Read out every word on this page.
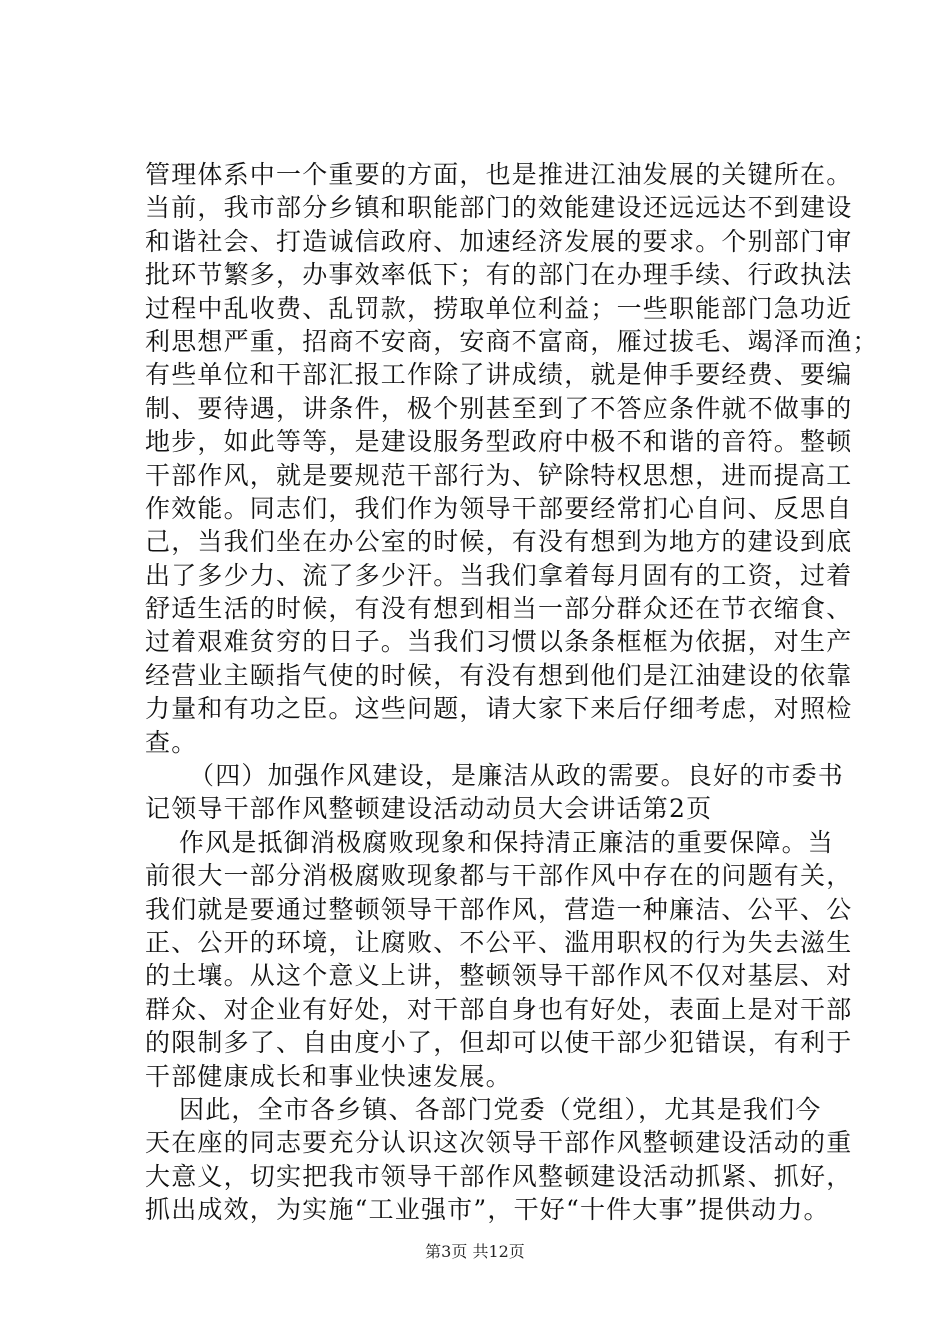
管理体系中一个重要的方面，也是推进江油发展的关键所在。
当前，我市部分乡镇和职能部门的效能建设还远远达不到建设
和谐社会、打造诚信政府、加速经济发展的要求。个别部门审
批环节繁多，办事效率低下；有的部门在办理手续、行政执法
过程中乱收费、乱罚款，捞取单位利益；一些职能部门急功近
利思想严重，招商不安商，安商不富商，雁过拔毛、竭泽而渔；
有些单位和干部汇报工作除了讲成绩，就是伸手要经费、要编
制、要待遇，讲条件，极个别甚至到了不答应条件就不做事的
地步，如此等等，是建设服务型政府中极不和谐的音符。整顿
干部作风，就是要规范干部行为、铲除特权思想，进而提高工
作效能。同志们，我们作为领导干部要经常扪心自问、反思自
己，当我们坐在办公室的时候，有没有想到为地方的建设到底
出了多少力、流了多少汗。当我们拿着每月固有的工资，过着
舒适生活的时候，有没有想到相当一部分群众还在节衣缩食、
过着艰难贫穷的日子。当我们习惯以条条框框为依据，对生产
经营业主颐指气使的时候，有没有想到他们是江油建设的依靠
力量和有功之臣。这些问题，请大家下来后仔细考虑，对照检
查。
（四）加强作风建设，是廉洁从政的需要。良好的市委书
记领导干部作风整顿建设活动动员大会讲话第2页
作风是抵御消极腐败现象和保持清正廉洁的重要保障。当
前很大一部分消极腐败现象都与干部作风中存在的问题有关，
我们就是要通过整顿领导干部作风，营造一种廉洁、公平、公
正、公开的环境，让腐败、不公平、滥用职权的行为失去滋生
的土壤。从这个意义上讲，整顿领导干部作风不仅对基层、对
群众、对企业有好处，对干部自身也有好处，表面上是对干部
的限制多了、自由度小了，但却可以使干部少犯错误，有利于
干部健康成长和事业快速发展。
因此，全市各乡镇、各部门党委（党组），尤其是我们今
天在座的同志要充分认识这次领导干部作风整顿建设活动的重
大意义，切实把我市领导干部作风整顿建设活动抓紧、抓好，
抓出成效，为实施“工业强市”，干好“十件大事”提供动力。
第3页 共12页
